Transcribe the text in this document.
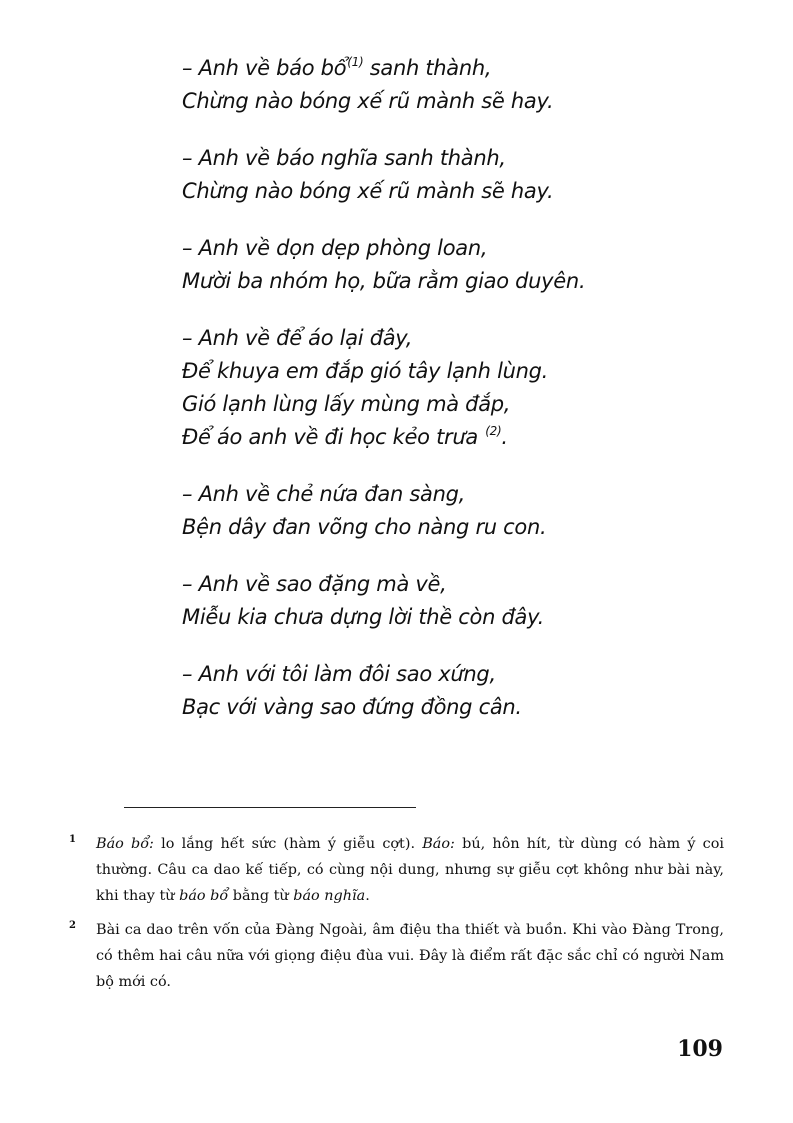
– Anh về báo bổ$^{(1)}$ sanh thành,
Chừng nào bóng xế rũ mành sẽ hay.
– Anh về báo nghĩa sanh thành,
Chừng nào bóng xế rũ mành sẽ hay.
– Anh về dọn dẹp phòng loan,
Mười ba nhóm họ, bữa rằm giao duyên.
– Anh về để áo lại đây,
Để khuya em đắp gió tây lạnh lùng.
Gió lạnh lùng lấy mùng mà đắp,
Để áo anh về đi học kẻo trưa $^{(2)}$.
– Anh về chẻ nứa đan sàng,
Bện dây đan võng cho nàng ru con.
– Anh về sao đặng mà về,
Miễu kia chưa dựng lời thề còn đây.
– Anh với tôi làm đôi sao xứng,
Bạc với vàng sao đứng đồng cân.
1 Báo bổ: lo lắng hết sức (hàm ý giễu cợt). Báo: bú, hôn hít, từ dùng có hàm ý coi thường. Câu ca dao kế tiếp, có cùng nội dung, nhưng sự giễu cợt không như bài này, khi thay từ báo bổ bằng từ báo nghĩa.
2 Bài ca dao trên vốn của Đàng Ngoài, âm điệu tha thiết và buồn. Khi vào Đàng Trong, có thêm hai câu nữa với giọng điệu đùa vui. Đây là điểm rất đặc sắc chỉ có người Nam bộ mới có.
109
